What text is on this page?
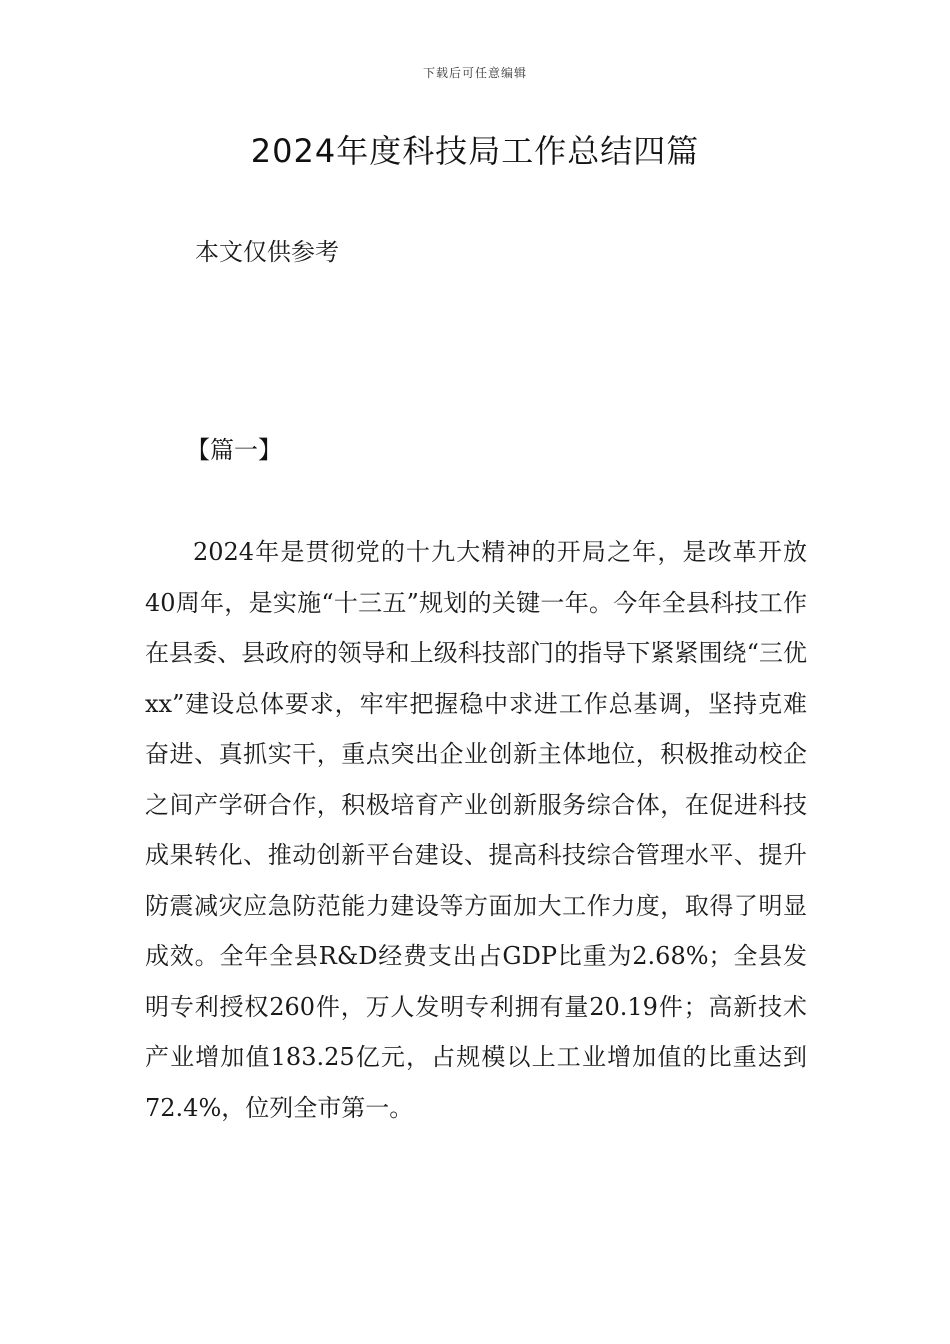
下载后可任意编辑
2024年度科技局工作总结四篇
本文仅供参考
【篇一】

2024年是贯彻党的十九大精神的开局之年，是改革开放40周年，是实施“十三五”规划的关键一年。今年全县科技工作在县委、县政府的领导和上级科技部门的指导下紧紧围绕“三优xx”建设总体要求，牢牢把握稳中求进工作总基调，坚持克难奋进、真抓实干，重点突出企业创新主体地位，积极推动校企之间产学研合作，积极培育产业创新服务综合体，在促进科技成果转化、推动创新平台建设、提高科技综合管理水平、提升防震减灾应急防范能力建设等方面加大工作力度，取得了明显成效。全年全县R&D经费支出占GDP比重为2.68%；全县发明专利授权260件，万人发明专利拥有量20.19件；高新技术产业增加值183.25亿元，占规模以上工业增加值的比重达到72.4%，位列全市第一。
